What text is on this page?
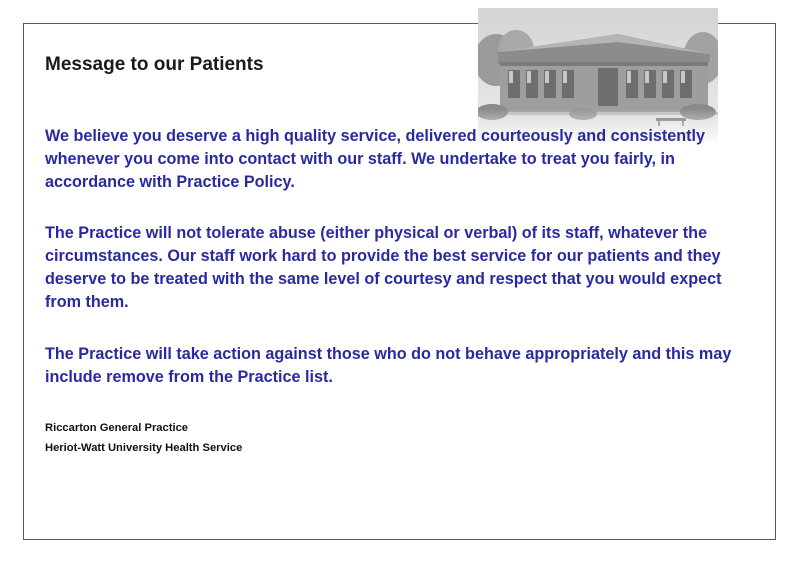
Message to our Patients

We believe you deserve a high quality service, delivered courteously and consistently whenever you come into contact with our staff. We undertake to treat you fairly, in accordance with Practice Policy.

The Practice will not tolerate abuse (either physical or verbal) of its staff, whatever the circumstances. Our staff work hard to provide the best service for our patients and they deserve to be treated with the same level of courtesy and respect that you would expect from them.

The Practice will take action against those who do not behave appropriately and this may include remove from the Practice list.

Riccarton General Practice
Heriot-Watt University Health Service
